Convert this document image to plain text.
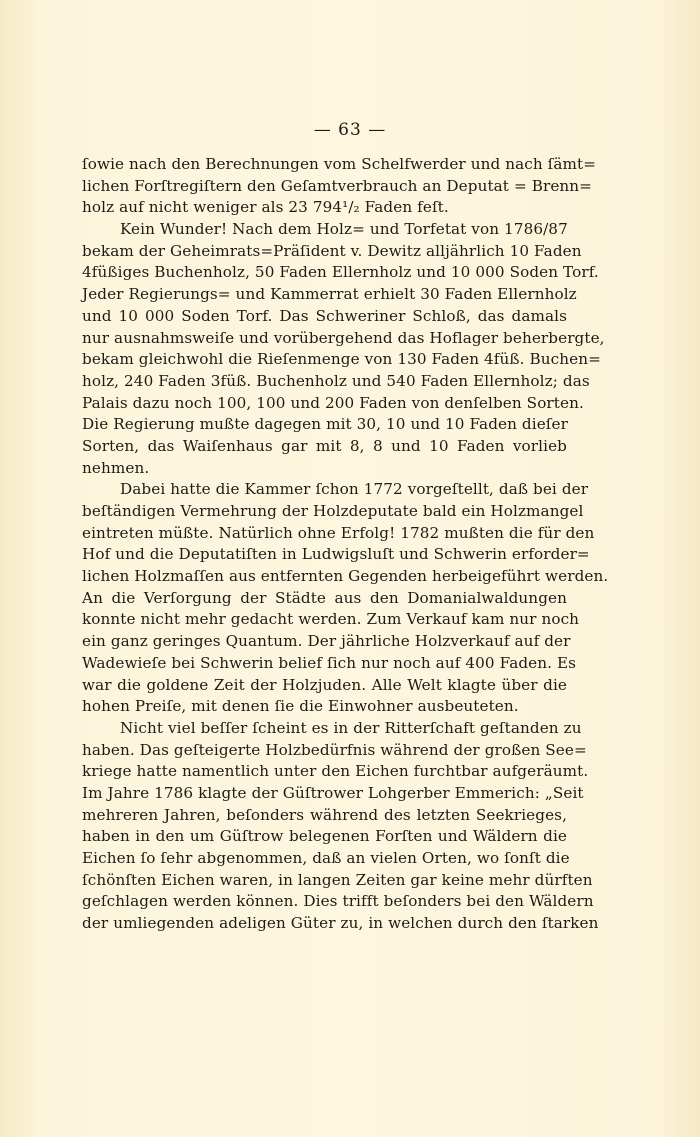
— 63 —

ſowie nach den Berechnungen vom Schelfwerder und nach ſämt=
lichen Forſtregiſtern den Geſamtverbrauch an Deputat = Brenn=
holz auf nicht weniger als 23 794¹/₂ Faden feſt.
Kein Wunder! Nach dem Holz= und Torfetat von 1786/87
bekam der Geheimrats=Präſident v. Dewitz alljährlich 10 Faden
4füßiges Buchenholz, 50 Faden Ellernholz und 10 000 Soden Torf.
Jeder Regierungs= und Kammerrat erhielt 30 Faden Ellernholz
und 10 000 Soden Torf. Das Schweriner Schloß, das damals
nur ausnahmsweiſe und vorübergehend das Hoflager beherbergte,
bekam gleichwohl die Rieſenmenge von 130 Faden 4füß. Buchen=
holz, 240 Faden 3füß. Buchenholz und 540 Faden Ellernholz; das
Palais dazu noch 100, 100 und 200 Faden von denſelben Sorten.
Die Regierung mußte dagegen mit 30, 10 und 10 Faden dieſer
Sorten, das Waiſenhaus gar mit 8, 8 und 10 Faden vorlieb
nehmen.
Dabei hatte die Kammer ſchon 1772 vorgeſtellt, daß bei der
beſtändigen Vermehrung der Holzdeputate bald ein Holzmangel
eintreten müßte. Natürlich ohne Erfolg! 1782 mußten die für den
Hof und die Deputatiſten in Ludwigsluſt und Schwerin erforder=
lichen Holzmaſſen aus entfernten Gegenden herbeigeführt werden.
An die Verſorgung der Städte aus den Domanialwaldungen
konnte nicht mehr gedacht werden. Zum Verkauf kam nur noch
ein ganz geringes Quantum. Der jährliche Holzverkauf auf der
Wadewieſe bei Schwerin belief ſich nur noch auf 400 Faden. Es
war die goldene Zeit der Holzjuden. Alle Welt klagte über die
hohen Preiſe, mit denen ſie die Einwohner ausbeuteten.
Nicht viel beſſer ſcheint es in der Ritterſchaft geſtanden zu
haben. Das geſteigerte Holzbedürfnis während der großen See=
kriege hatte namentlich unter den Eichen furchtbar aufgeräumt.
Im Jahre 1786 klagte der Güſtrower Lohgerber Emmerich: „Seit
mehreren Jahren, beſonders während des letzten Seekrieges,
haben in den um Güſtrow belegenen Forſten und Wäldern die
Eichen ſo ſehr abgenommen, daß an vielen Orten, wo ſonſt die
ſchönſten Eichen waren, in langen Zeiten gar keine mehr dürften
geſchlagen werden können. Dies trifft beſonders bei den Wäldern
der umliegenden adeligen Güter zu, in welchen durch den ſtarken
